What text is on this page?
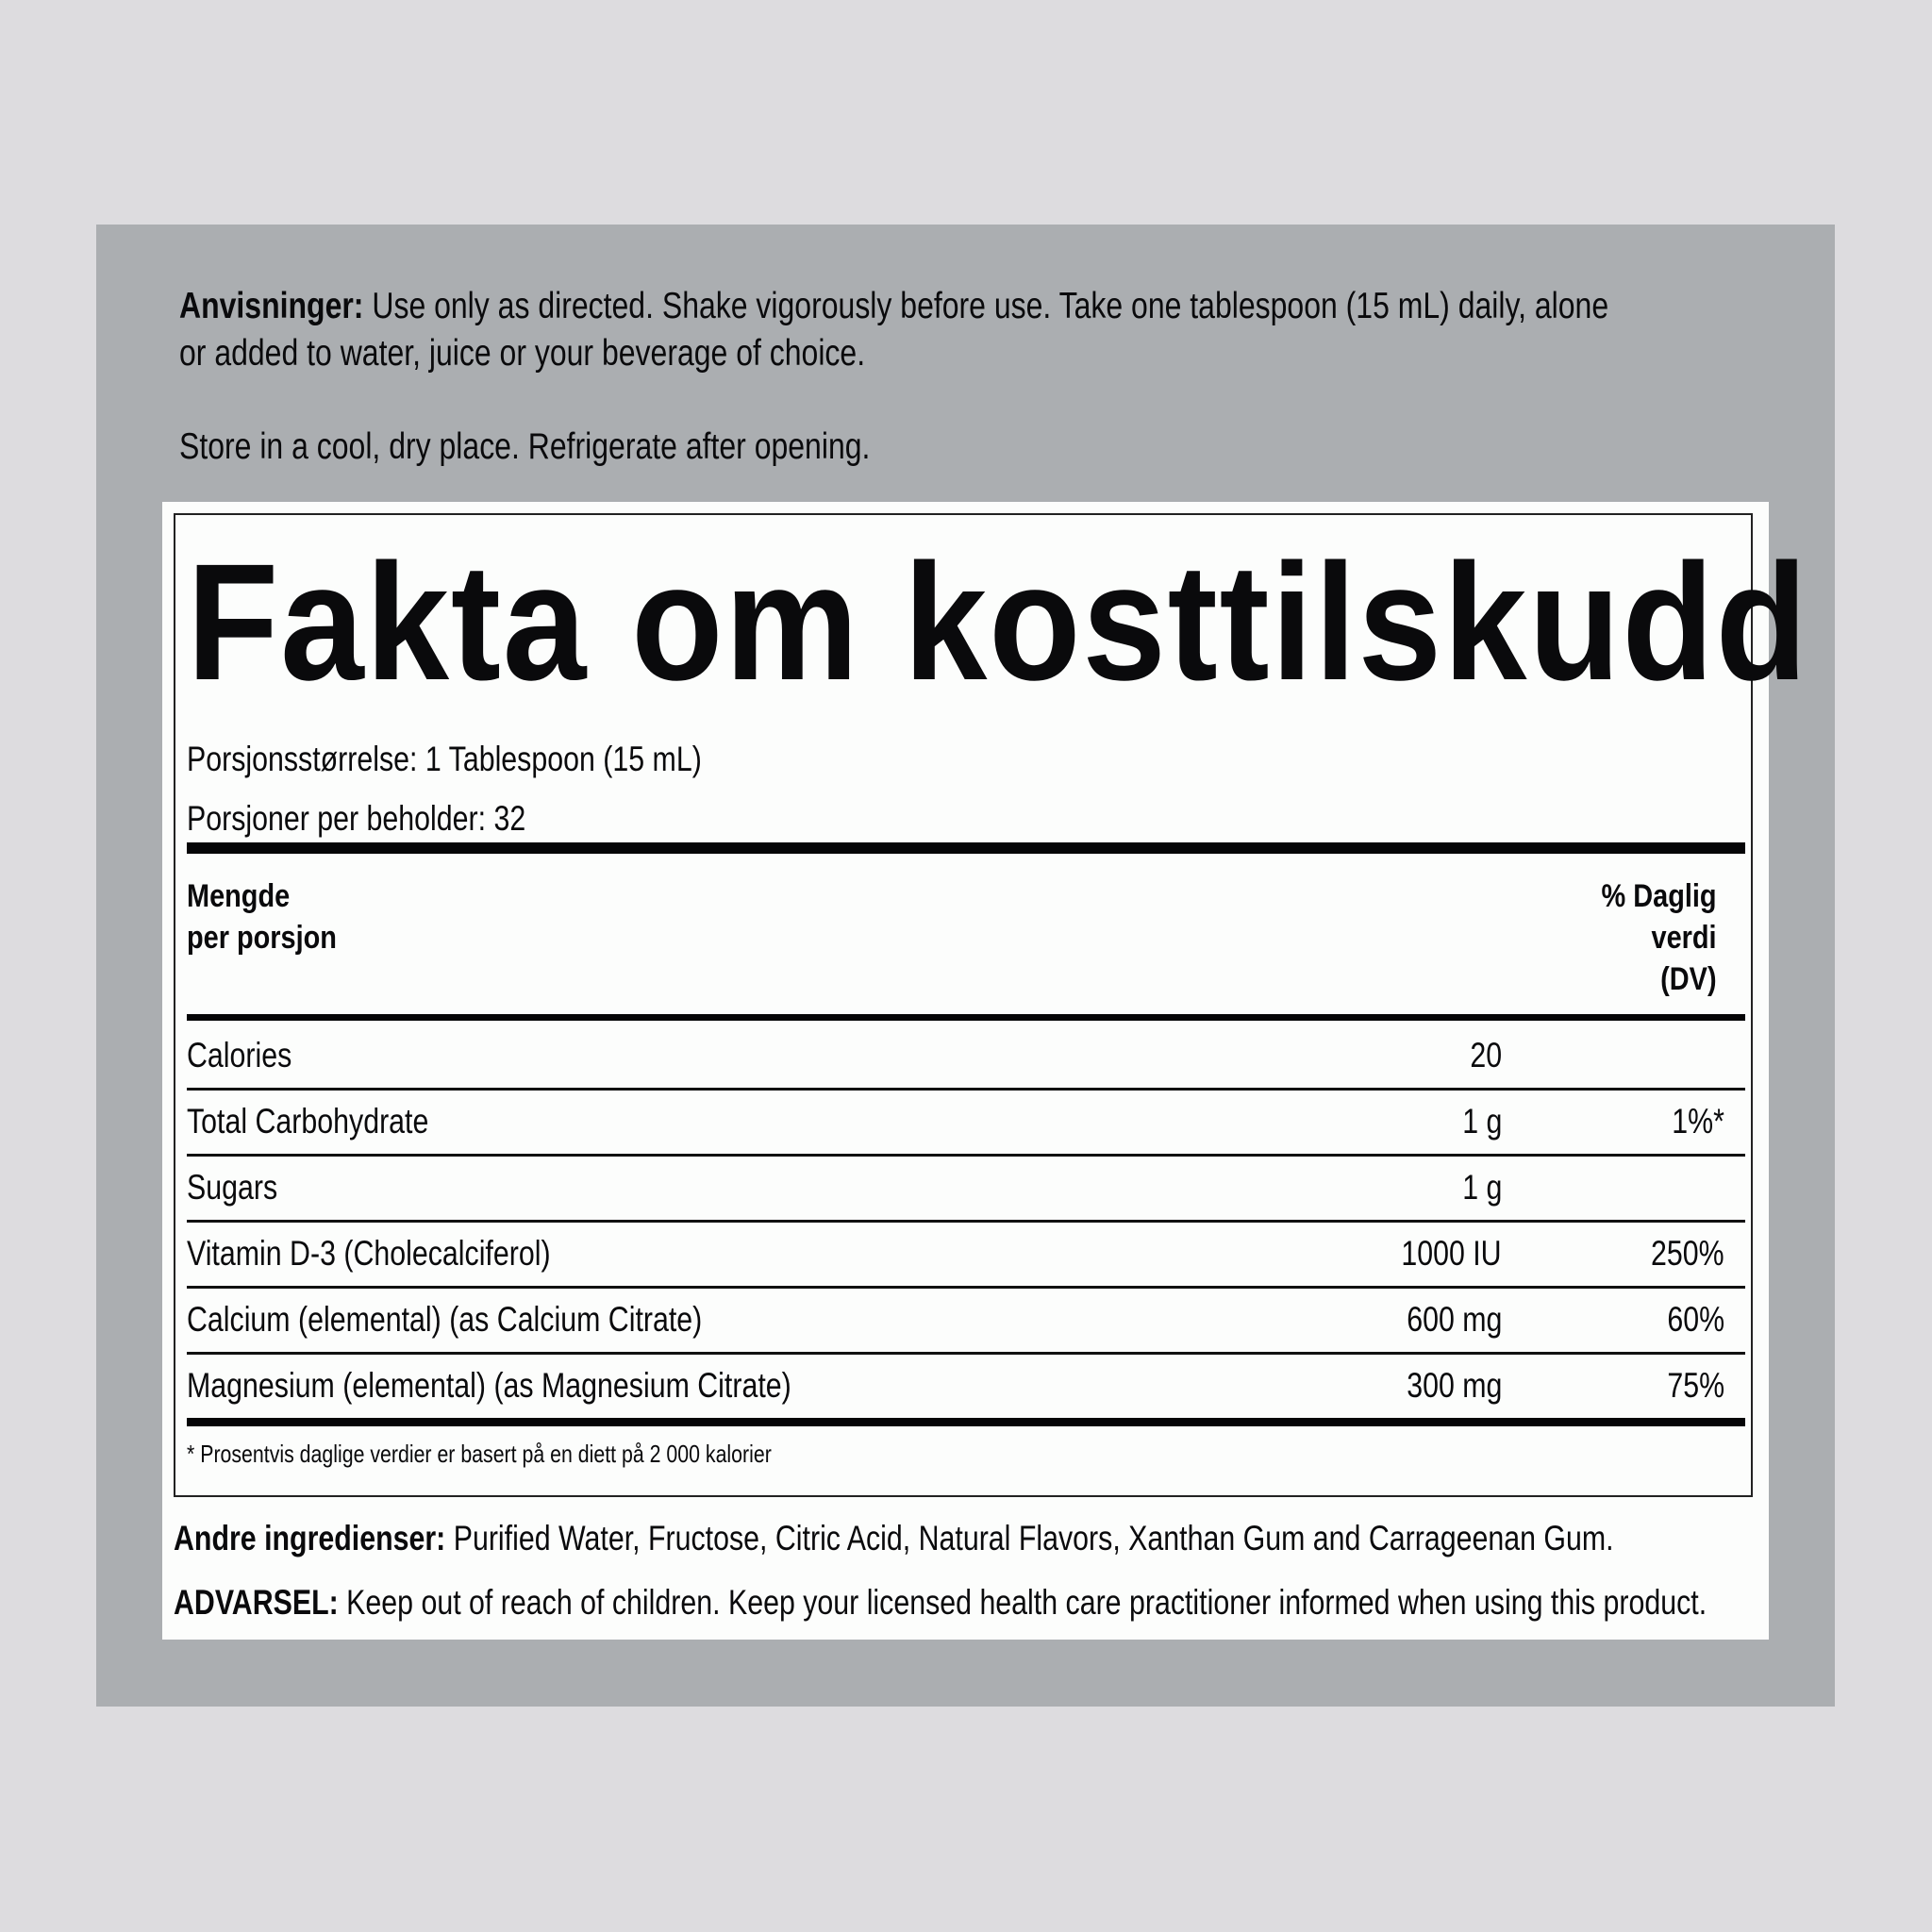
Anvisninger: Use only as directed. Shake vigorously before use. Take one tablespoon (15 mL) daily, alone
or added to water, juice or your beverage of choice.
Store in a cool, dry place. Refrigerate after opening.
Fakta om kosttilskudd
Porsjonsstørrelse: 1 Tablespoon (15 mL)
Porsjoner per beholder: 32
Mengde
per porsjon
% Daglig
verdi
(DV)
Calories	20
Total Carbohydrate	1 g	1%*
Sugars	1 g
Vitamin D-3 (Cholecalciferol)	1000 IU	250%
Calcium (elemental) (as Calcium Citrate)	600 mg	60%
Magnesium (elemental) (as Magnesium Citrate)	300 mg	75%
* Prosentvis daglige verdier er basert på en diett på 2 000 kalorier
Andre ingredienser: Purified Water, Fructose, Citric Acid, Natural Flavors, Xanthan Gum and Carrageenan Gum.
ADVARSEL: Keep out of reach of children. Keep your licensed health care practitioner informed when using this product.
